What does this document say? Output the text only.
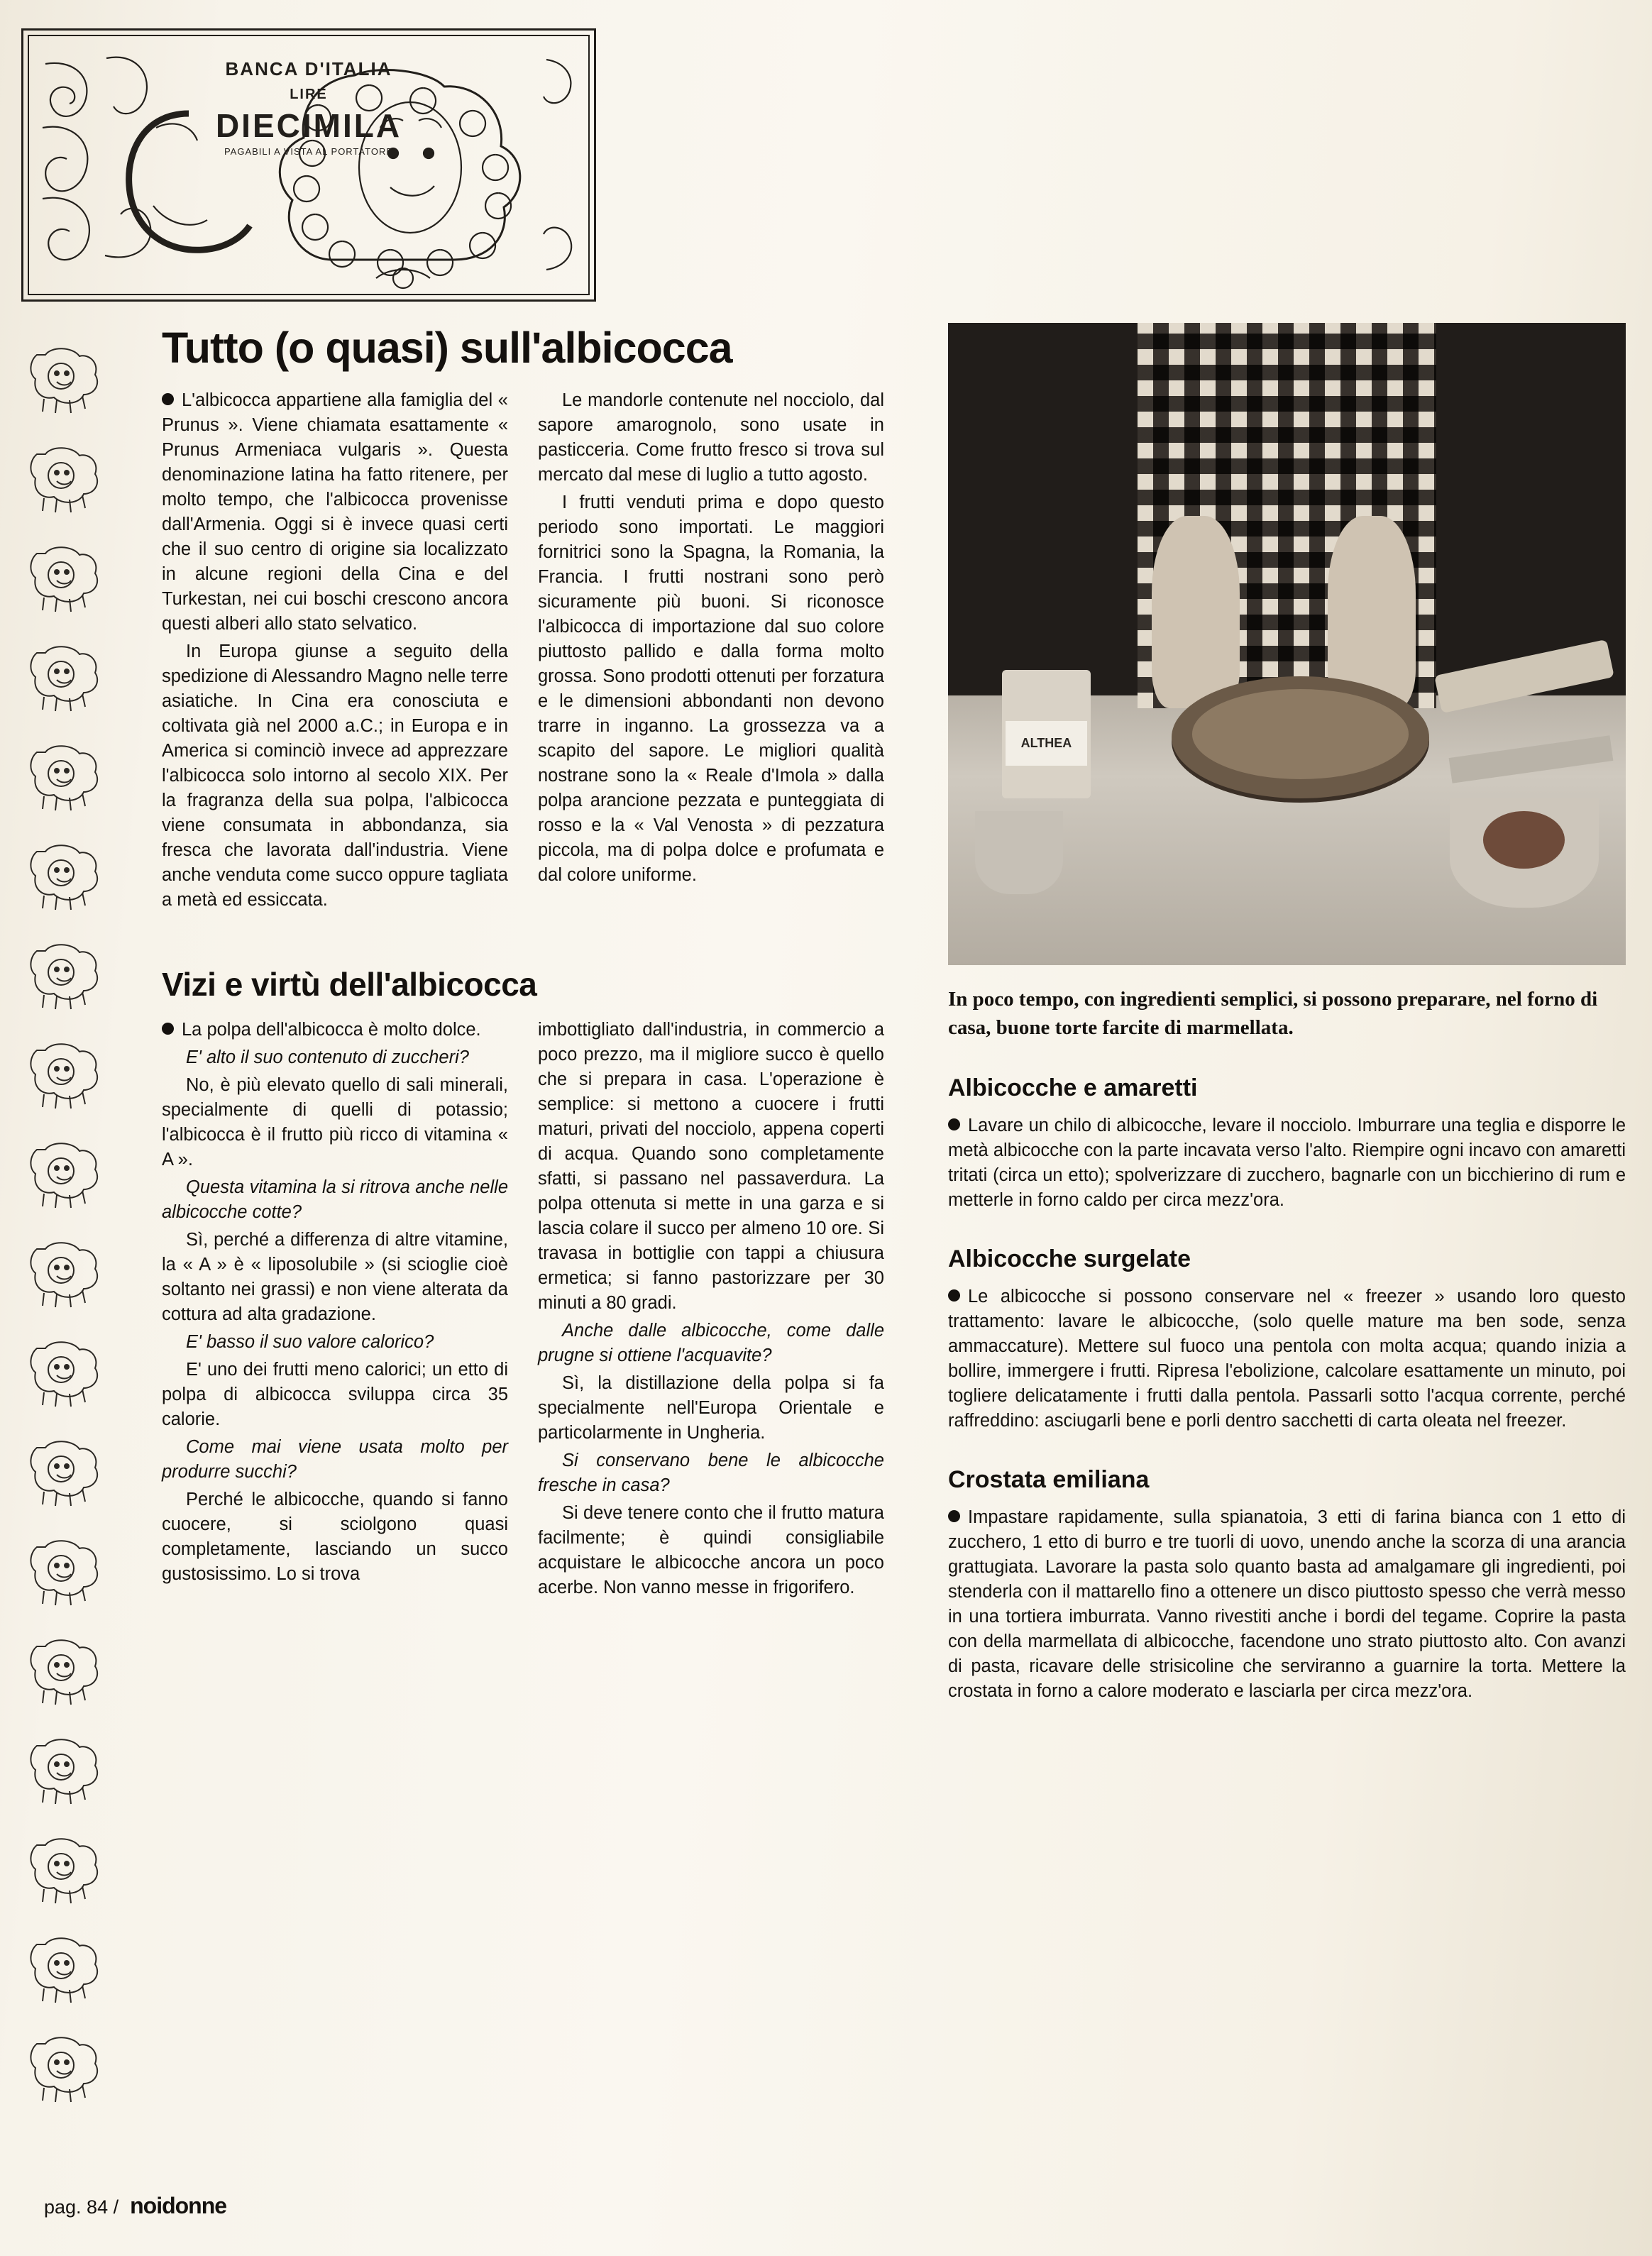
BANCA D'ITALIA
LIRE
DIECIMILA
PAGABILI A VISTA AL PORTATORE
Tutto (o quasi) sull'albicocca

L'albicocca appartiene alla famiglia del « Prunus ». Viene chiamata esattamente « Prunus Armeniaca vulgaris ». Questa denominazione latina ha fatto ritenere, per molto tempo, che l'albicocca provenisse dall'Armenia. Oggi si è invece quasi certi che il suo centro di origine sia localizzato in alcune regioni della Cina e del Turkestan, nei cui boschi crescono ancora questi alberi allo stato selvatico.

In Europa giunse a seguito della spedizione di Alessandro Magno nelle terre asiatiche. In Cina era conosciuta e coltivata già nel 2000 a.C.; in Europa e in America si cominciò invece ad apprezzare l'albicocca solo intorno al secolo XIX. Per la fragranza della sua polpa, l'albicocca viene consumata in abbondanza, sia fresca che lavorata dall'industria. Viene anche venduta come succo oppure tagliata a metà ed essiccata.

Le mandorle contenute nel nocciolo, dal sapore amarognolo, sono usate in pasticceria. Come frutto fresco si trova sul mercato dal mese di luglio a tutto agosto.

I frutti venduti prima e dopo questo periodo sono importati. Le maggiori fornitrici sono la Spagna, la Romania, la Francia. I frutti nostrani sono però sicuramente più buoni. Si riconosce l'albicocca di importazione dal suo colore piuttosto pallido e dalla forma molto grossa. Sono prodotti ottenuti per forzatura e le dimensioni abbondanti non devono trarre in inganno. La grossezza va a scapito del sapore. Le migliori qualità nostrane sono la « Reale d'Imola » dalla polpa arancione pezzata e punteggiata di rosso e la « Val Venosta » di pezzatura piccola, ma di polpa dolce e profumata e dal colore uniforme.

Vizi e virtù dell'albicocca

La polpa dell'albicocca è molto dolce.

E' alto il suo contenuto di zuccheri?

No, è più elevato quello di sali minerali, specialmente di quelli di potassio; l'albicocca è il frutto più ricco di vitamina « A ».

Questa vitamina la si ritrova anche nelle albicocche cotte?

Sì, perché a differenza di altre vitamine, la « A » è « liposolubile » (si scioglie cioè soltanto nei grassi) e non viene alterata da cottura ad alta gradazione.

E' basso il suo valore calorico?

E' uno dei frutti meno calorici; un etto di polpa di albicocca sviluppa circa 35 calorie.

Come mai viene usata molto per produrre succhi?

Perché le albicocche, quando si fanno cuocere, si sciolgono quasi completamente, lasciando un succo gustosissimo. Lo si trova

imbottigliato dall'industria, in commercio a poco prezzo, ma il migliore succo è quello che si prepara in casa. L'operazione è semplice: si mettono a cuocere i frutti maturi, privati del nocciolo, appena coperti di acqua. Quando sono completamente sfatti, si passano nel passaverdura. La polpa ottenuta si mette in una garza e si lascia colare il succo per almeno 10 ore. Si travasa in bottiglie con tappi a chiusura ermetica; si fanno pastorizzare per 30 minuti a 80 gradi.

Anche dalle albicocche, come dalle prugne si ottiene l'acquavite?

Sì, la distillazione della polpa si fa specialmente nell'Europa Orientale e particolarmente in Ungheria.

Si conservano bene le albicocche fresche in casa?

Si deve tenere conto che il frutto matura facilmente; è quindi consigliabile acquistare le albicocche ancora un poco acerbe. Non vanno messe in frigorifero.

ALTHEA
In poco tempo, con ingredienti semplici, si possono preparare, nel forno di casa, buone torte farcite di marmellata.
Albicocche e amaretti

Lavare un chilo di albicocche, levare il nocciolo. Imburrare una teglia e disporre le metà albicocche con la parte incavata verso l'alto. Riempire ogni incavo con amaretti tritati (circa un etto); spolverizzare di zucchero, bagnarle con un bicchierino di rum e metterle in forno caldo per circa mezz'ora.

Albicocche surgelate

Le albicocche si possono conservare nel « freezer » usando loro questo trattamento: lavare le albicocche, (solo quelle mature ma ben sode, senza ammaccature). Mettere sul fuoco una pentola con molta acqua; quando inizia a bollire, immergere i frutti. Ripresa l'ebolizione, calcolare esattamente un minuto, poi togliere delicatamente i frutti dalla pentola. Passarli sotto l'acqua corrente, perché raffreddino: asciugarli bene e porli dentro sacchetti di carta oleata nel freezer.

Crostata emiliana

Impastare rapidamente, sulla spianatoia, 3 etti di farina bianca con 1 etto di zucchero, 1 etto di burro e tre tuorli di uovo, unendo anche la scorza di una arancia grattugiata. Lavorare la pasta solo quanto basta ad amalgamare gli ingredienti, poi stenderla con il mattarello fino a ottenere un disco piuttosto spesso che verrà messo in una tortiera imburrata. Vanno rivestiti anche i bordi del tegame. Coprire la pasta con della marmellata di albicocche, facendone uno strato piuttosto alto. Con avanzi di pasta, ricavare delle strisicoline che serviranno a guarnire la torta. Mettere la crostata in forno a calore moderato e lasciarla per circa mezz'ora.

pag. 84 / noidonne
